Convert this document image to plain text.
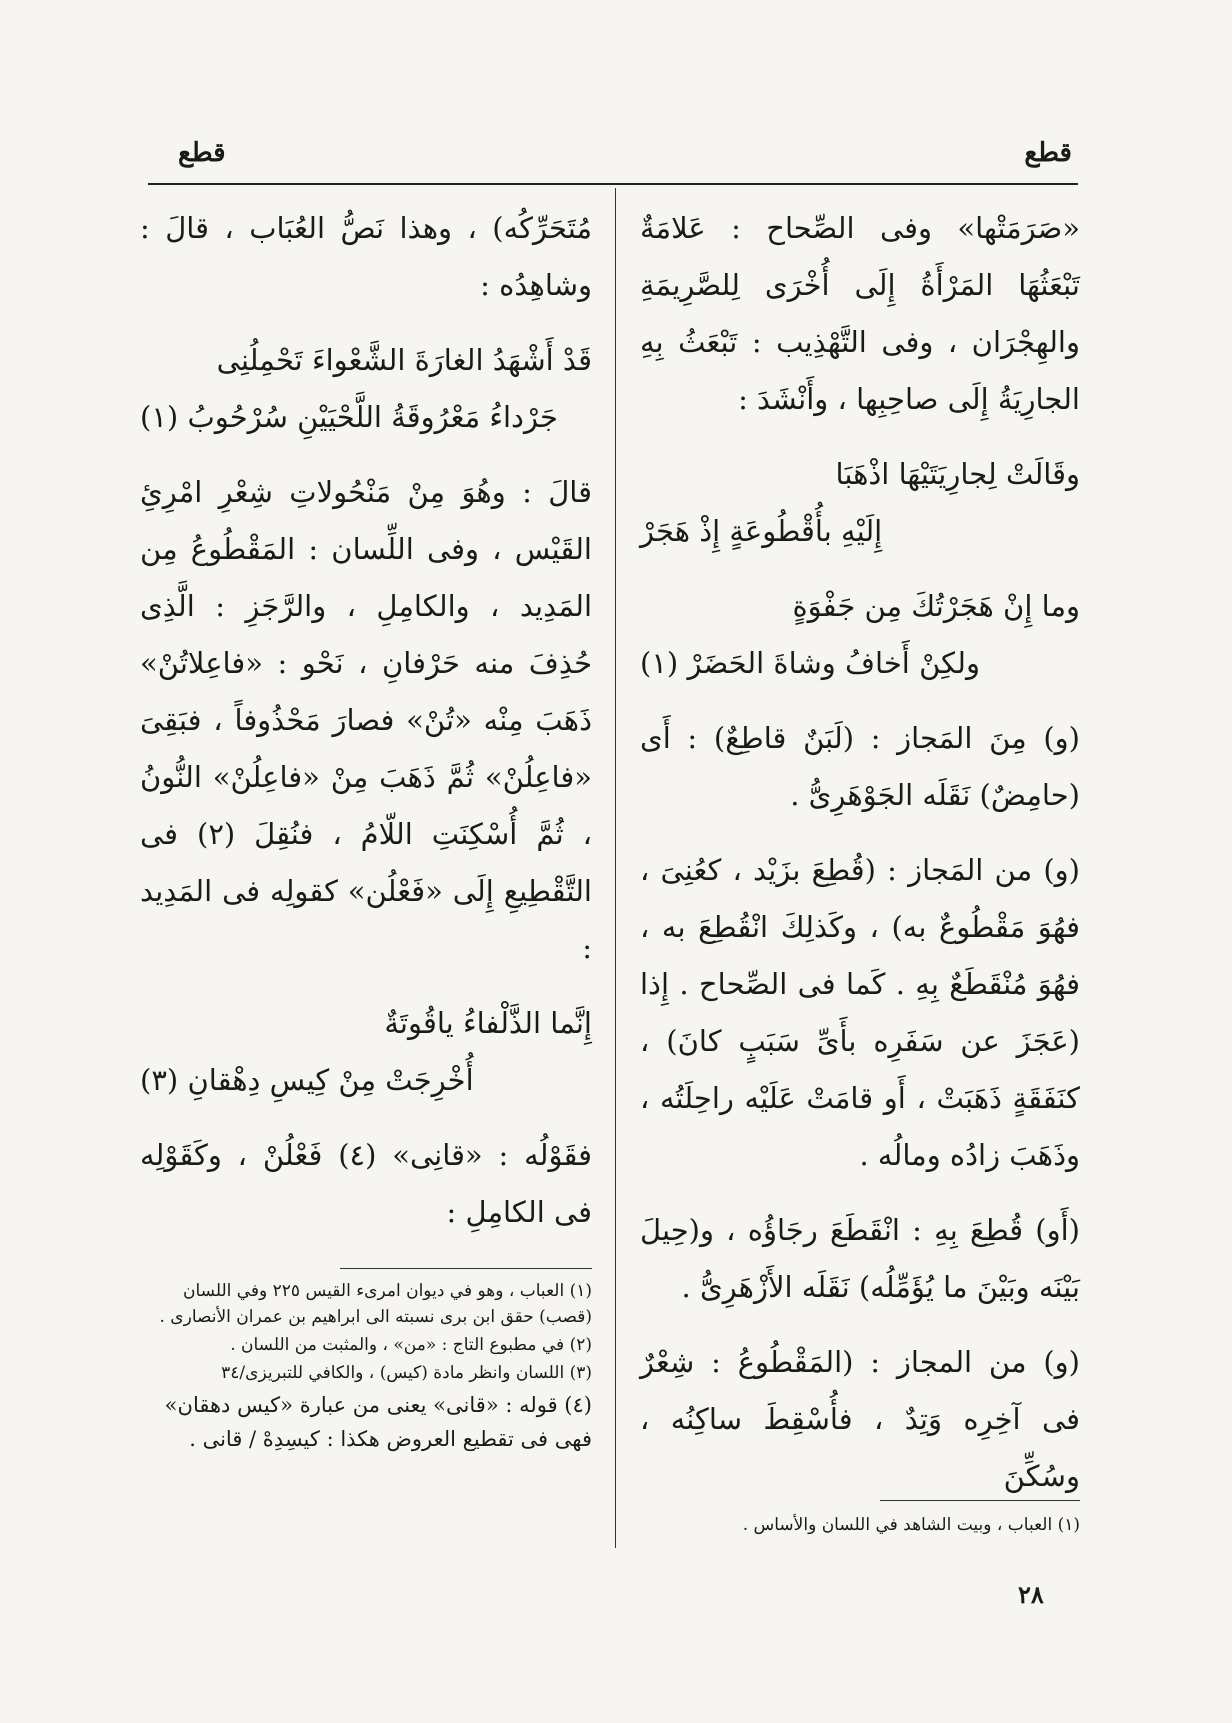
قطع
قطع

«صَرَمَتْها» وفى الصِّحاح : عَلامَةٌ تَبْعَثُهَا المَرْأَةُ إِلَى أُخْرَى لِلصَّرِيمَةِ والهِجْرَان ، وفى التَّهْذِيب : تَبْعَثُ بِهِ الجارِيَةُ إِلَى صاحِبِها ، وأَنْشَدَ :

وقَالَتْ لِجارِيَتَيْهَا اذْهَبَا

إِلَيْهِ بأُقْطُوعَةٍ إِذْ هَجَرْ

وما إِنْ هَجَرْتُكَ مِن جَفْوَةٍ

ولكِنْ أَخافُ وشاةَ الحَضَرْ (١)

(و) مِنَ المَجاز : (لَبَنٌ قاطِعٌ) : أَى (حامِضٌ) نَقَلَه الجَوْهَرِىُّ .

(و) من المَجاز : (قُطِعَ بزَيْد ، كعُنِىَ ، فهُوَ مَقْطُوعٌ به) ، وكَذلِكَ انْقُطِعَ به ، فهُوَ مُنْقَطَعٌ بِهِ . كَما فى الصِّحاح . إِذا (عَجَزَ عن سَفَرِه بأَىِّ سَبَبٍ كانَ) ، كنَفَقَةٍ ذَهَبَتْ ، أَو قامَتْ عَلَيْه راحِلَتُه ، وذَهَبَ زادُه ومالُه .

(أَو) قُطِعَ بِهِ : انْقَطَعَ رجَاؤُه ، و(حِيلَ بَيْنَه وبَيْنَ ما يُؤَمِّلُه) نَقَلَه الأَزْهَرِىُّ .

(و) من المجاز : (المَقْطُوعُ : شِعْرٌ فى آخِرِه وَتِدٌ ، فأُسْقِطَ ساكِنُه ، وسُكِّنَ

مُتَحَرِّكُه) ، وهذا نَصُّ العُبَاب ، قالَ : وشاهِدُه :

قَدْ أَشْهَدُ الغارَةَ الشَّعْواءَ تَحْمِلُنِى

جَرْداءُ مَعْرُوقَةُ اللَّحْيَيْنِ سُرْحُوبُ (١)

قالَ : وهُوَ مِنْ مَنْحُولاتِ شِعْرِ امْرِئِ القَيْس ، وفى اللِّسان : المَقْطُوعُ مِن المَدِيد ، والكامِلِ ، والرَّجَزِ : الَّذِى حُذِفَ منه حَرْفانِ ، نَحْو : «فاعِلاتُنْ» ذَهَبَ مِنْه «تُنْ» فصارَ مَحْذُوفاً ، فبَقِىَ «فاعِلُنْ» ثُمَّ ذَهَبَ مِنْ «فاعِلُنْ» النُّونُ ، ثُمَّ أُسْكِنَتِ اللّامُ ، فنُقِلَ (٢) فى التَّقْطِيعِ إِلَى «فَعْلُن» كقولِه فى المَدِيد :

إِنَّما الذَّلْفاءُ ياقُوتَةٌ

أُخْرِجَتْ مِنْ كِيسِ دِهْقانِ (٣)

فقَوْلُه : «قانِى» (٤) فَعْلُنْ ، وكَقَوْلِه فى الكامِلِ :

(١) العباب ، وهو في ديوان امرىء القيس ٢٢٥ وفي اللسان (قصب) حقق ابن برى نسبته الى ابراهيم بن عمران الأنصارى .
(٢) في مطبوع التاج : «من» ، والمثبت من اللسان .
(٣) اللسان وانظر مادة (كيس) ، والكافي للتبريزى/٣٤
(٤) قوله : «قانى» يعنى من عبارة «كيس دهقان» فهى فى تقطيع العروض هكذا : كيسِدِهْ / قانى .
(١) العباب ، وبيت الشاهد في اللسان والأساس .
٢٨
